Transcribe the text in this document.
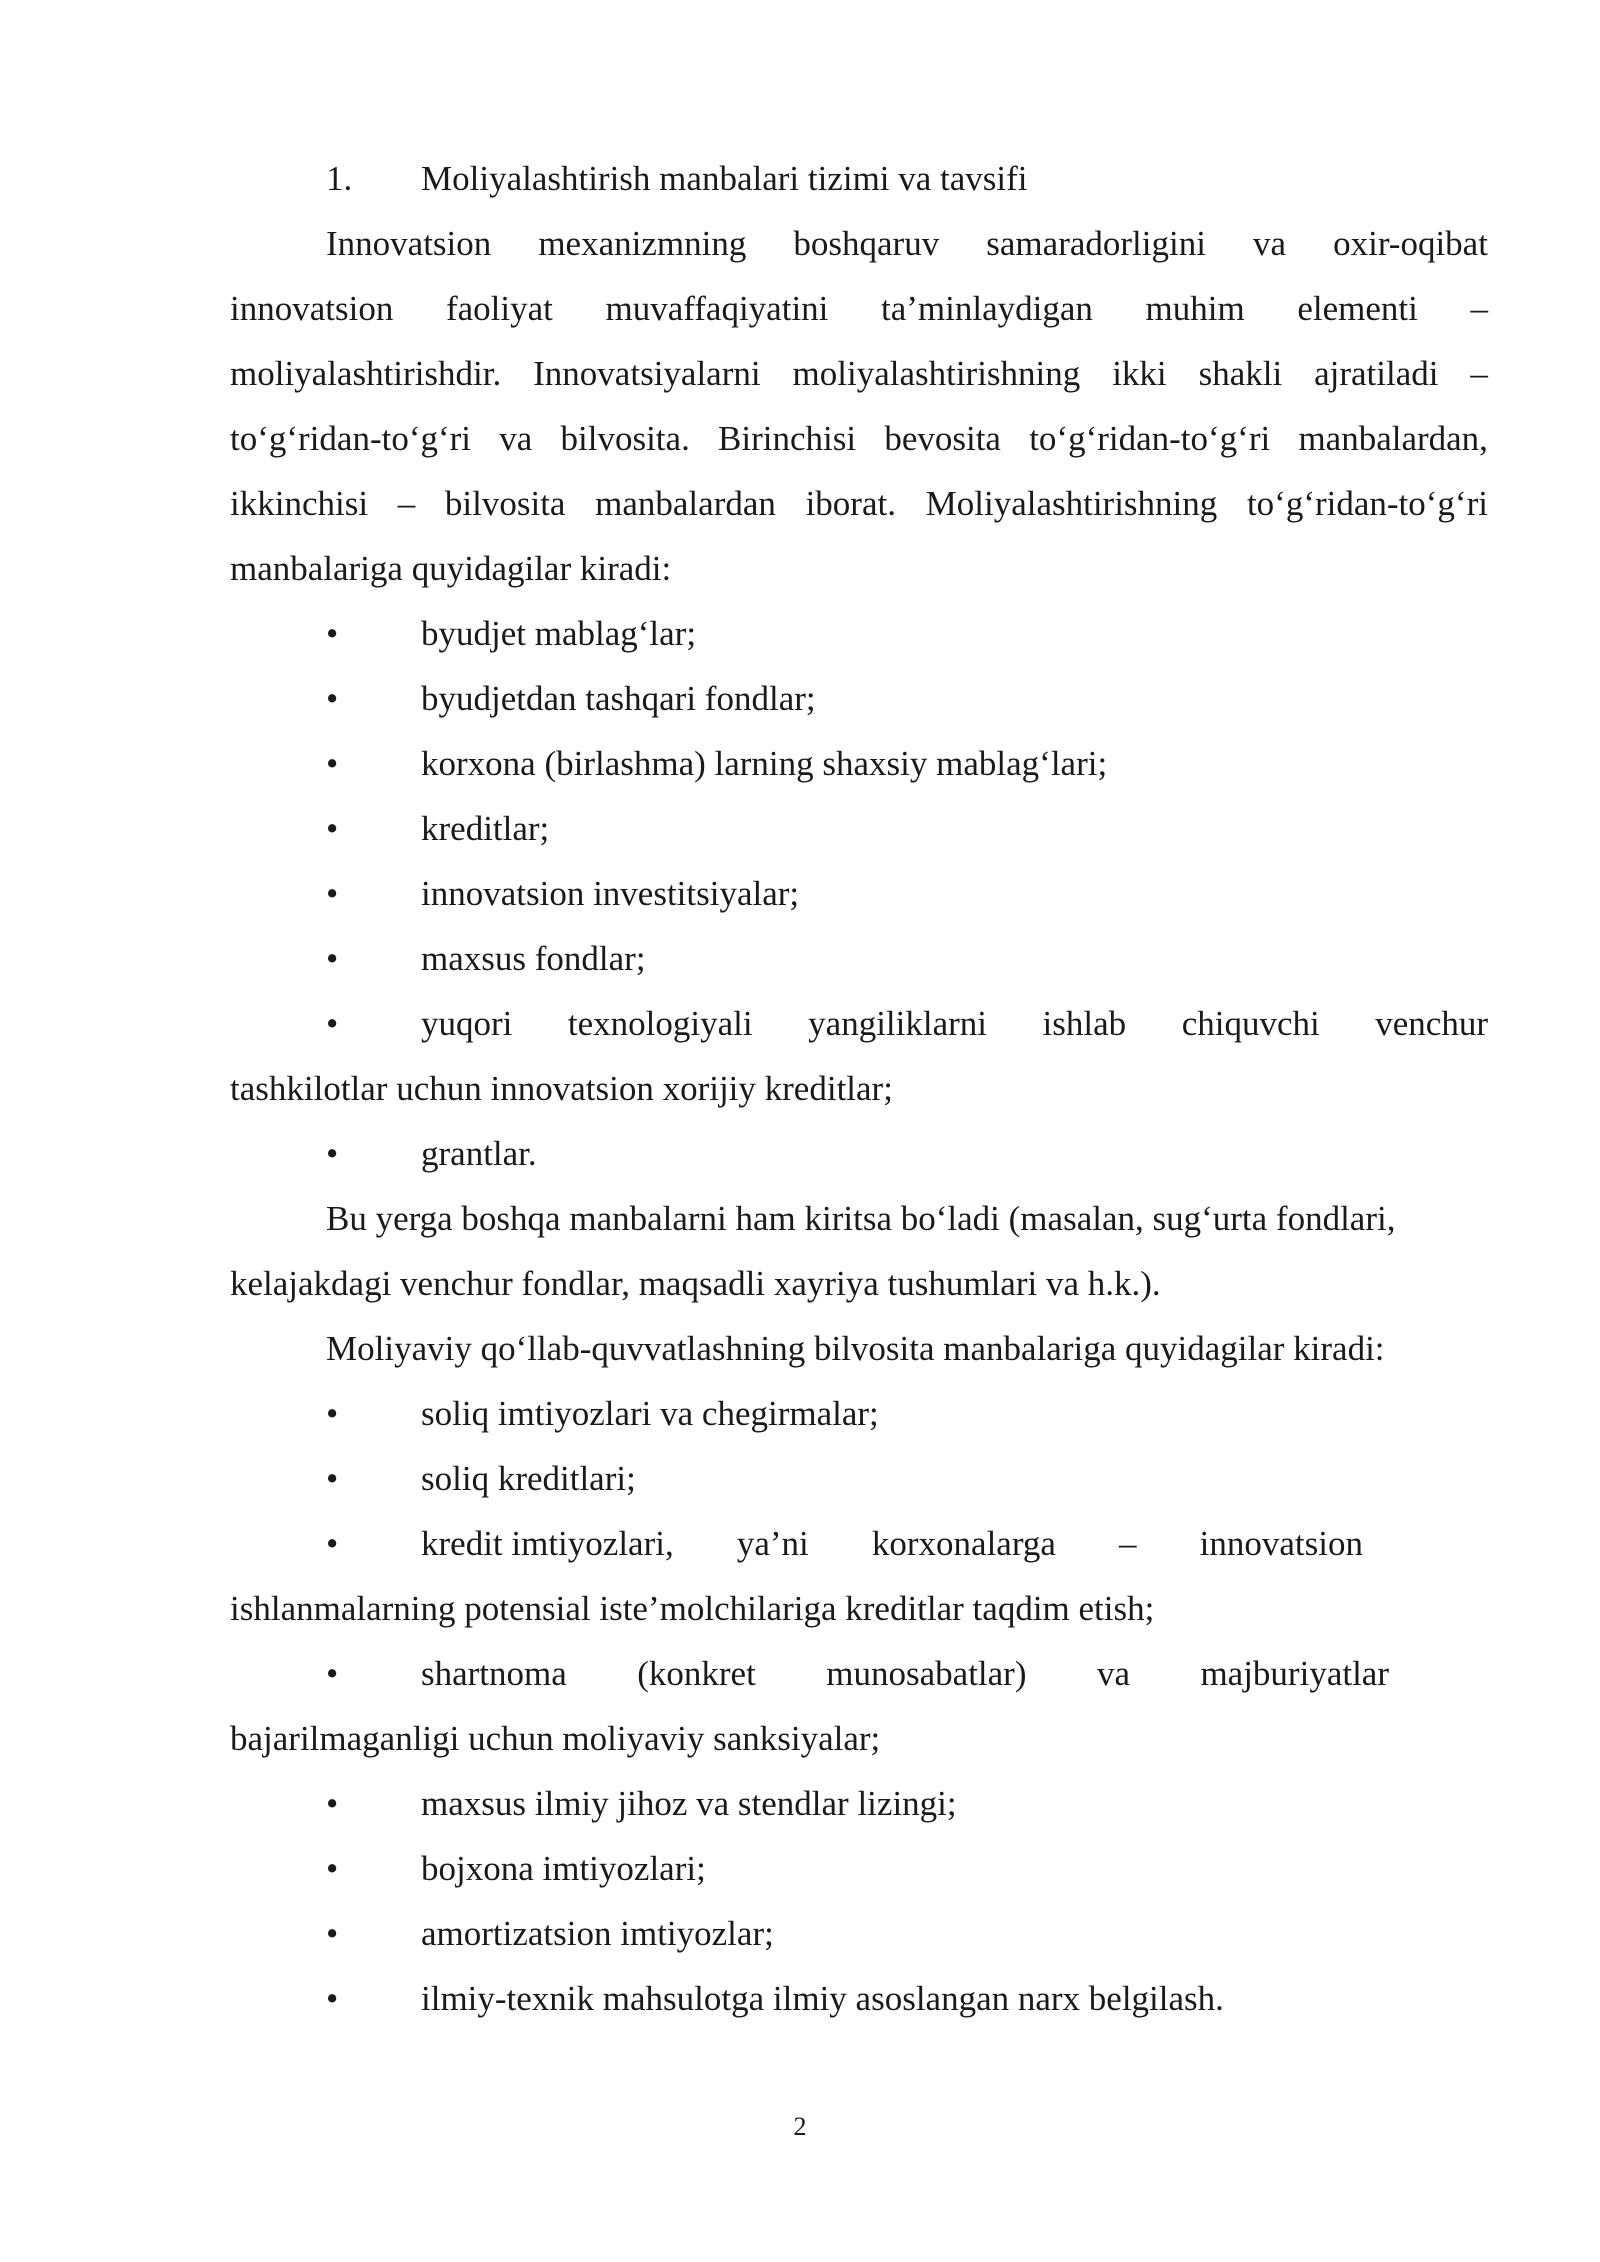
1. Moliyalashtirish manbalari tizimi va tavsifi
Innovatsion mexanizmning boshqaruv samaradorligini va oxir-oqibat
innovatsion faoliyat muvaffaqiyatini ta’minlaydigan muhim elementi –
moliyalashtirishdir. Innovatsiyalarni moliyalashtirishning ikki shakli ajratiladi –
to‘g‘ridan-to‘g‘ri va bilvosita. Birinchisi bevosita to‘g‘ridan-to‘g‘ri manbalardan,
ikkinchisi – bilvosita manbalardan iborat. Moliyalashtirishning to‘g‘ridan-to‘g‘ri
manbalariga quyidagilar kiradi:
• byudjet mablag‘lar;
• byudjetdan tashqari fondlar;
• korxona (birlashma) larning shaxsiy mablag‘lari;
• kreditlar;
• innovatsion investitsiyalar;
• maxsus fondlar;
• yuqori texnologiyali yangiliklarni ishlab chiquvchi venchur
tashkilotlar uchun innovatsion xorijiy kreditlar;
• grantlar.
Bu yerga boshqa manbalarni ham kiritsa bo‘ladi (masalan, sug‘urta fondlari,
kelajakdagi venchur fondlar, maqsadli xayriya tushumlari va h.k.).
Moliyaviy qo‘llab-quvvatlashning bilvosita manbalariga quyidagilar kiradi:
• soliq imtiyozlari va chegirmalar;
• soliq kreditlari;
• kredit imtiyozlari, ya’ni korxonalarga – innovatsion
ishlanmalarning potensial iste’molchilariga kreditlar taqdim etish;
• shartnoma (konkret munosabatlar) va majburiyatlar
bajarilmaganligi uchun moliyaviy sanksiyalar;
• maxsus ilmiy jihoz va stendlar lizingi;
• bojxona imtiyozlari;
• amortizatsion imtiyozlar;
• ilmiy-texnik mahsulotga ilmiy asoslangan narx belgilash.
2
